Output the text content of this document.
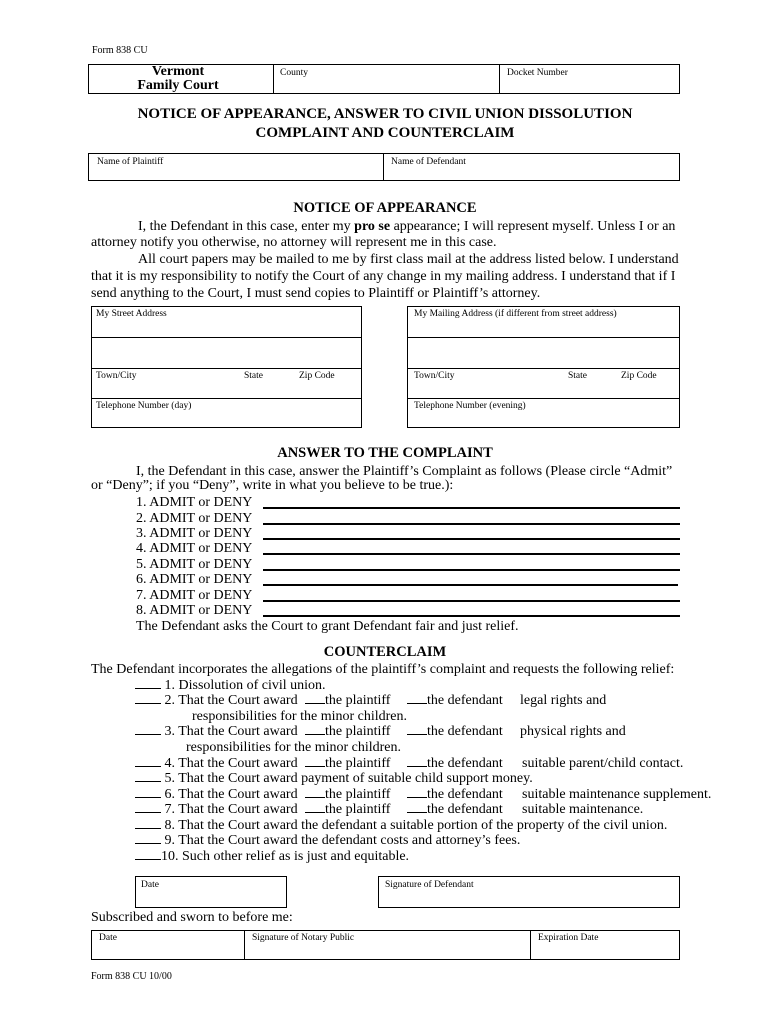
Form 838 CU
Vermont
Family Court
County	Docket Number
NOTICE OF APPEARANCE, ANSWER TO CIVIL UNION DISSOLUTION
COMPLAINT AND COUNTERCLAIM
Name of Plaintiff	Name of Defendant
NOTICE OF APPEARANCE
I, the Defendant in this case, enter my pro se appearance; I will represent myself. Unless I or an
attorney notify you otherwise, no attorney will represent me in this case.
All court papers may be mailed to me by first class mail at the address listed below. I understand
that it is my responsibility to notify the Court of any change in my mailing address. I understand that if I
send anything to the Court, I must send copies to Plaintiff or Plaintiff’s attorney.
My Street Address
Town/City	State	Zip Code
Telephone Number (day)
My Mailing Address (if different from street address)
Town/City	State	Zip Code
Telephone Number (evening)
ANSWER TO THE COMPLAINT
I, the Defendant in this case, answer the Plaintiff’s Complaint as follows (Please circle “Admit”
or “Deny”; if you “Deny”, write in what you believe to be true.):
1. ADMIT or DENY
2. ADMIT or DENY
3. ADMIT or DENY
4. ADMIT or DENY
5. ADMIT or DENY
6. ADMIT or DENY
7. ADMIT or DENY
8. ADMIT or DENY
The Defendant asks the Court to grant Defendant fair and just relief.
COUNTERCLAIM
The Defendant incorporates the allegations of the plaintiff’s complaint and requests the following relief:
1. Dissolution of civil union.
2. That the Court award	the plaintiff	the defendant legal rights and
responsibilities for the minor children.
3. That the Court award	the plaintiff	the defendant physical rights and
responsibilities for the minor children.
4. That the Court award	the plaintiff	the defendant suitable parent/child contact.
5. That the Court award payment of suitable child support money.
6. That the Court award	the plaintiff	the defendant suitable maintenance supplement.
7. That the Court award	the plaintiff	the defendant suitable maintenance.
8. That the Court award the defendant a suitable portion of the property of the civil union.
9. That the Court award the defendant costs and attorney’s fees.
10. Such other relief as is just and equitable.
Date	Signature of Defendant
Subscribed and sworn to before me:
Date	Signature of Notary Public	Expiration Date
Form 838 CU 10/00
